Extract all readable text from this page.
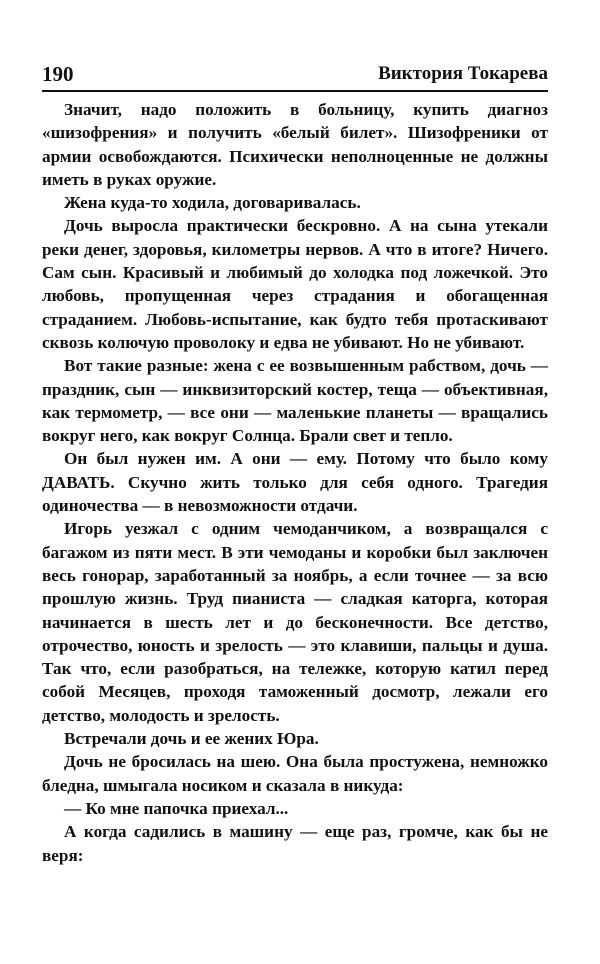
190	Виктория Токарева

Значит, надо положить в больницу, купить диагноз «шизофрения» и получить «белый билет». Шизофреники от армии освобождаются. Психически неполноценные не должны иметь в руках оружие.

Жена куда-то ходила, договаривалась.

Дочь выросла практически бескровно. А на сына утекали реки денег, здоровья, километры нервов. А что в итоге? Ничего. Сам сын. Красивый и любимый до холодка под ложечкой. Это любовь, пропущенная через страдания и обогащенная страданием. Любовь-испытание, как будто тебя протаскивают сквозь колючую проволоку и едва не убивают. Но не убивают.

Вот такие разные: жена с ее возвышенным рабством, дочь — праздник, сын — инквизиторский костер, теща — объективная, как термометр, — все они — маленькие планеты — вращались вокруг него, как вокруг Солнца. Брали свет и тепло.

Он был нужен им. А они — ему. Потому что было кому ДАВАТЬ. Скучно жить только для себя одного. Трагедия одиночества — в невозможности отдачи.

Игорь уезжал с одним чемоданчиком, а возвращался с багажом из пяти мест. В эти чемоданы и коробки был заключен весь гонорар, заработанный за ноябрь, а если точнее — за всю прошлую жизнь. Труд пианиста — сладкая каторга, которая начинается в шесть лет и до бесконечности. Все детство, отрочество, юность и зрелость — это клавиши, пальцы и душа. Так что, если разобраться, на тележке, которую катил перед собой Месяцев, проходя таможенный досмотр, лежали его детство, молодость и зрелость.

Встречали дочь и ее жених Юра.

Дочь не бросилась на шею. Она была простужена, немножко бледна, шмыгала носиком и сказала в никуда:

— Ко мне папочка приехал...

А когда садились в машину — еще раз, громче, как бы не веря:
